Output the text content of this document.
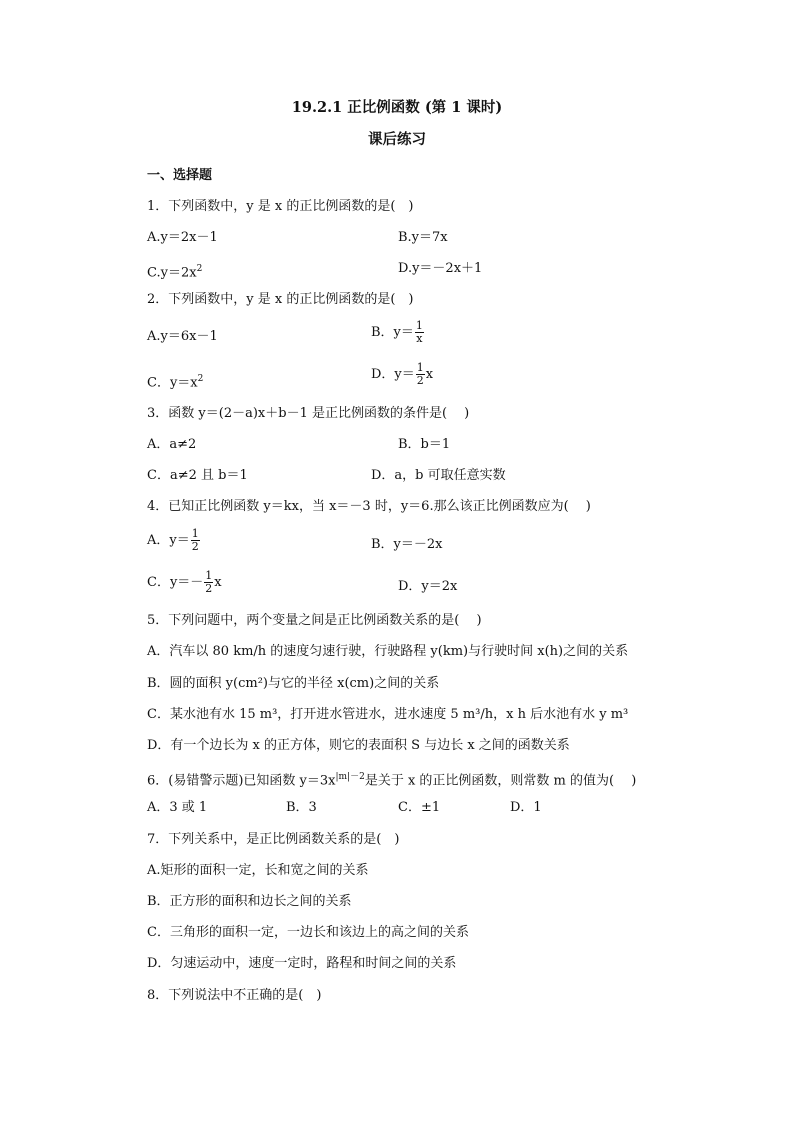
19.2.1 正比例函数 (第 1 课时)
课后练习
一、选择题
1．下列函数中，y 是 x 的正比例函数的是(　)
A.y＝2x－1	B.y＝7x
$C.y=2x^2$	D.y＝－2x＋1
2．下列函数中，y 是 x 的正比例函数的是(　)
A.y＝6x－1	B．$y= \frac{1}{x}$
C．$y=x^2$	D．$y= \frac{1}{2}$ x
3．函数 y＝(2－a)x＋b－1 是正比例函数的条件是(　 )
A．a≠2	B．b＝1
C．a≠2 且 b＝1	D．a，b 可取任意实数
4．已知正比例函数 y＝kx，当 x＝－3 时，y＝6.那么该正比例函数应为(　 )
A．$y= \frac{1}{2}$	B．y＝－2x
C．$y=- \frac{1}{2}$ x	D．y＝2x
5．下列问题中，两个变量之间是正比例函数关系的是(　 )
A．汽车以 80 km/h 的速度匀速行驶，行驶路程 y(km)与行驶时间 x(h)之间的关系
B．圆的面积 y(cm²)与它的半径 x(cm)之间的关系
C．某水池有水 15 m³，打开进水管进水，进水速度 5 m³/h，x h 后水池有水 y m³
D．有一个边长为 x 的正方体，则它的表面积 S 与边长 x 之间的函数关系
6．(易错警示题)已知函数 $y=3x^{|m|-2}$是关于 x 的正比例函数，则常数 m 的值为(　 )
A．3 或 1	B．3	C．±1	D．1
7．下列关系中，是正比例函数关系的是(　)
A.矩形的面积一定，长和宽之间的关系
B．正方形的面积和边长之间的关系
C．三角形的面积一定，一边长和该边上的高之间的关系
D．匀速运动中，速度一定时，路程和时间之间的关系
8．下列说法中不正确的是(　)
